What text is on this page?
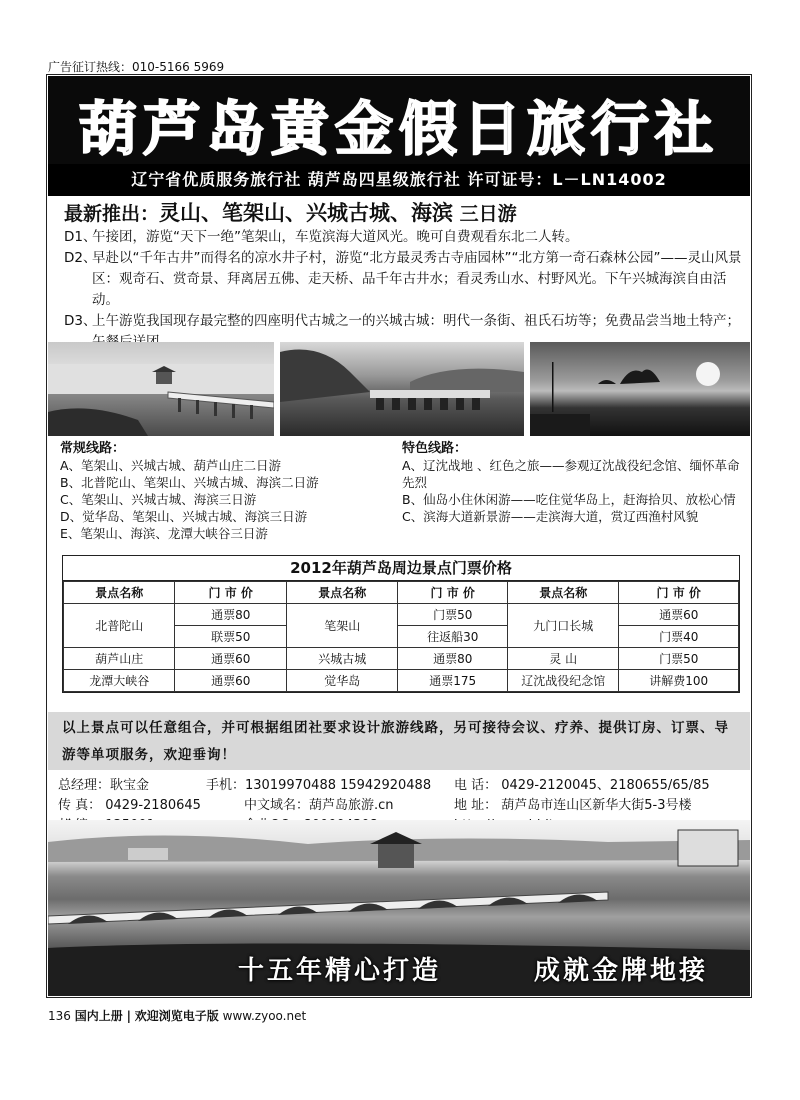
广告征订热线：010-5166 5969
葫芦岛黄金假日旅行社
辽宁省优质服务旅行社 葫芦岛四星级旅行社 许可证号：L－LN14002
最新推出：灵山、笔架山、兴城古城、海滨 三日游
D1、
午接团，游览“天下一绝”笔架山，车览滨海大道风光。晚可自费观看东北二人转。
D2、
早赴以“千年古井”而得名的凉水井子村，游览“北方最灵秀古寺庙园林”“北方第一奇石森林公园”——灵山风景区：观奇石、赏奇景、拜离居五佛、走天桥、品千年古井水；看灵秀山水、村野风光。下午兴城海滨自由活动。
D3、
上午游览我国现存最完整的四座明代古城之一的兴城古城：明代一条街、祖氏石坊等；免费品尝当地土特产；
常规线路：
A、笔架山、兴城古城、葫芦山庄二日游
B、北普陀山、笔架山、兴城古城、海滨二日游
C、笔架山、兴城古城、海滨三日游
D、觉华岛、笔架山、兴城古城、海滨三日游
E、笔架山、海滨、龙潭大峡谷三日游
特色线路：
A、辽沈战地 、红色之旅——参观辽沈战役纪念馆、缅怀革命先烈
B、仙岛小住休闲游——吃住觉华岛上，赶海拾贝、放松心情
C、滨海大道新景游——走滨海大道，赏辽西渔村风貌
2012年葫芦岛周边景点门票价格
景点名称	门 市 价	景点名称	门 市 价	景点名称	门 市 价
北普陀山	通票80	笔架山	门票50	九门口长城	通票60
	联票50		往返船30		门票40
葫芦山庄	通票60	兴城古城	通票80	灵 山	门票50
龙潭大峡谷	通票60	觉华岛	通票175	辽沈战役纪念馆	讲解费100
以上景点可以任意组合，并可根据组团社要求设计旅游线路，另可接待会议、疗养、提供订房、订票、导游等单项服务，欢迎垂询！
总经理：耿宝金	手机：13019970488 15942920488 电 话： 0429-2120045、2180655/65/85
传 真： 0429-2180645	中文域名：葫芦岛旅游.cn	地 址： 葫芦岛市连山区新华大街5-3号楼
十五年精心打造	成就金牌地接
136 国内上册 | 欢迎浏览电子版 www.zyoo.net
